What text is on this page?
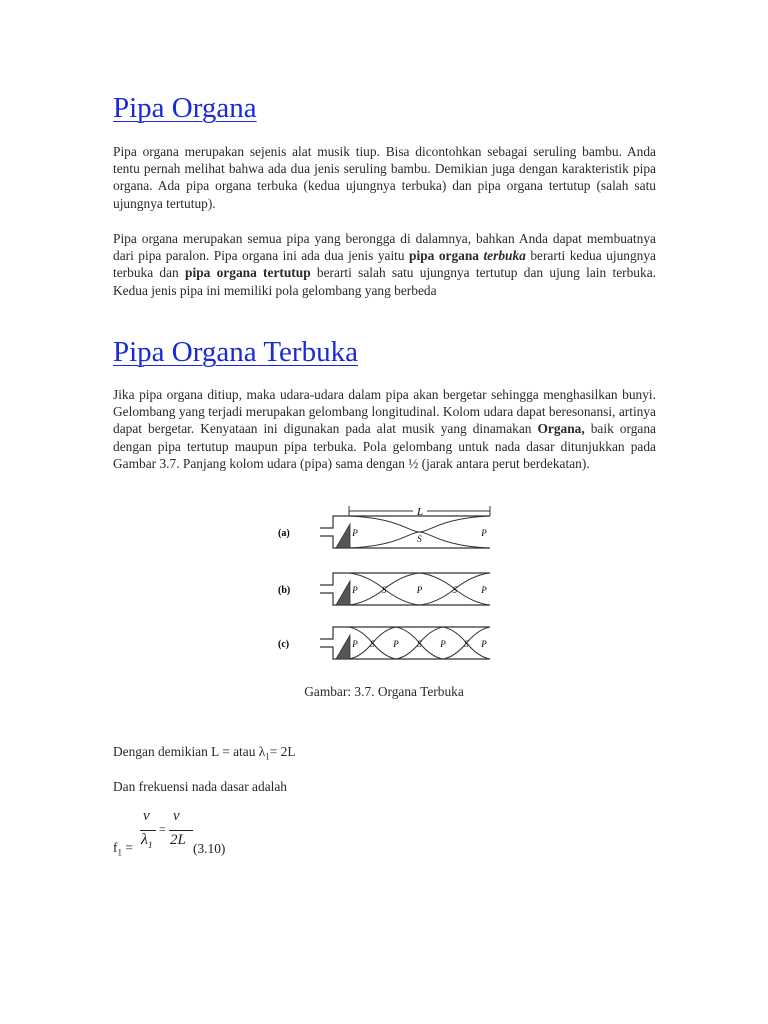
Pipa Organa

Pipa organa merupakan sejenis alat musik tiup. Bisa dicontohkan sebagai seruling bambu. Anda tentu pernah melihat bahwa ada dua jenis seruling bambu. Demikian juga dengan karakteristik pipa organa. Ada pipa organa terbuka (kedua ujungnya terbuka) dan pipa organa tertutup (salah satu ujungnya tertutup).

Pipa organa merupakan semua pipa yang berongga di dalamnya, bahkan Anda dapat membuatnya dari pipa paralon. Pipa organa ini ada dua jenis yaitu pipa organa terbuka berarti kedua ujungnya terbuka dan pipa organa tertutup berarti salah satu ujungnya tertutup dan ujung lain terbuka. Kedua jenis pipa ini memiliki pola gelombang yang berbeda

Pipa Organa Terbuka

Jika pipa organa ditiup, maka udara-udara dalam pipa akan bergetar sehingga menghasilkan bunyi. Gelombang yang terjadi merupakan gelombang longitudinal. Kolom udara dapat beresonansi, artinya dapat bergetar. Kenyataan ini digunakan pada alat musik yang dinamakan Organa, baik organa dengan pipa tertutup maupun pipa terbuka. Pola gelombang untuk nada dasar ditunjukkan pada Gambar 3.7. Panjang kolom udara (pipa) sama dengan ½ (jarak antara perut berdekatan).

L
(a)	P
S
P
(b)	P	S	P	S	P
(c)	P S P S P S P
Gambar: 3.7. Organa Terbuka
Dengan demikian L = atau $\lambda_1= 2L$
Dan frekuensi nada dasar adalah
v
$\lambda_1$
=
v
2L
$f_1$ =	(3.10)
